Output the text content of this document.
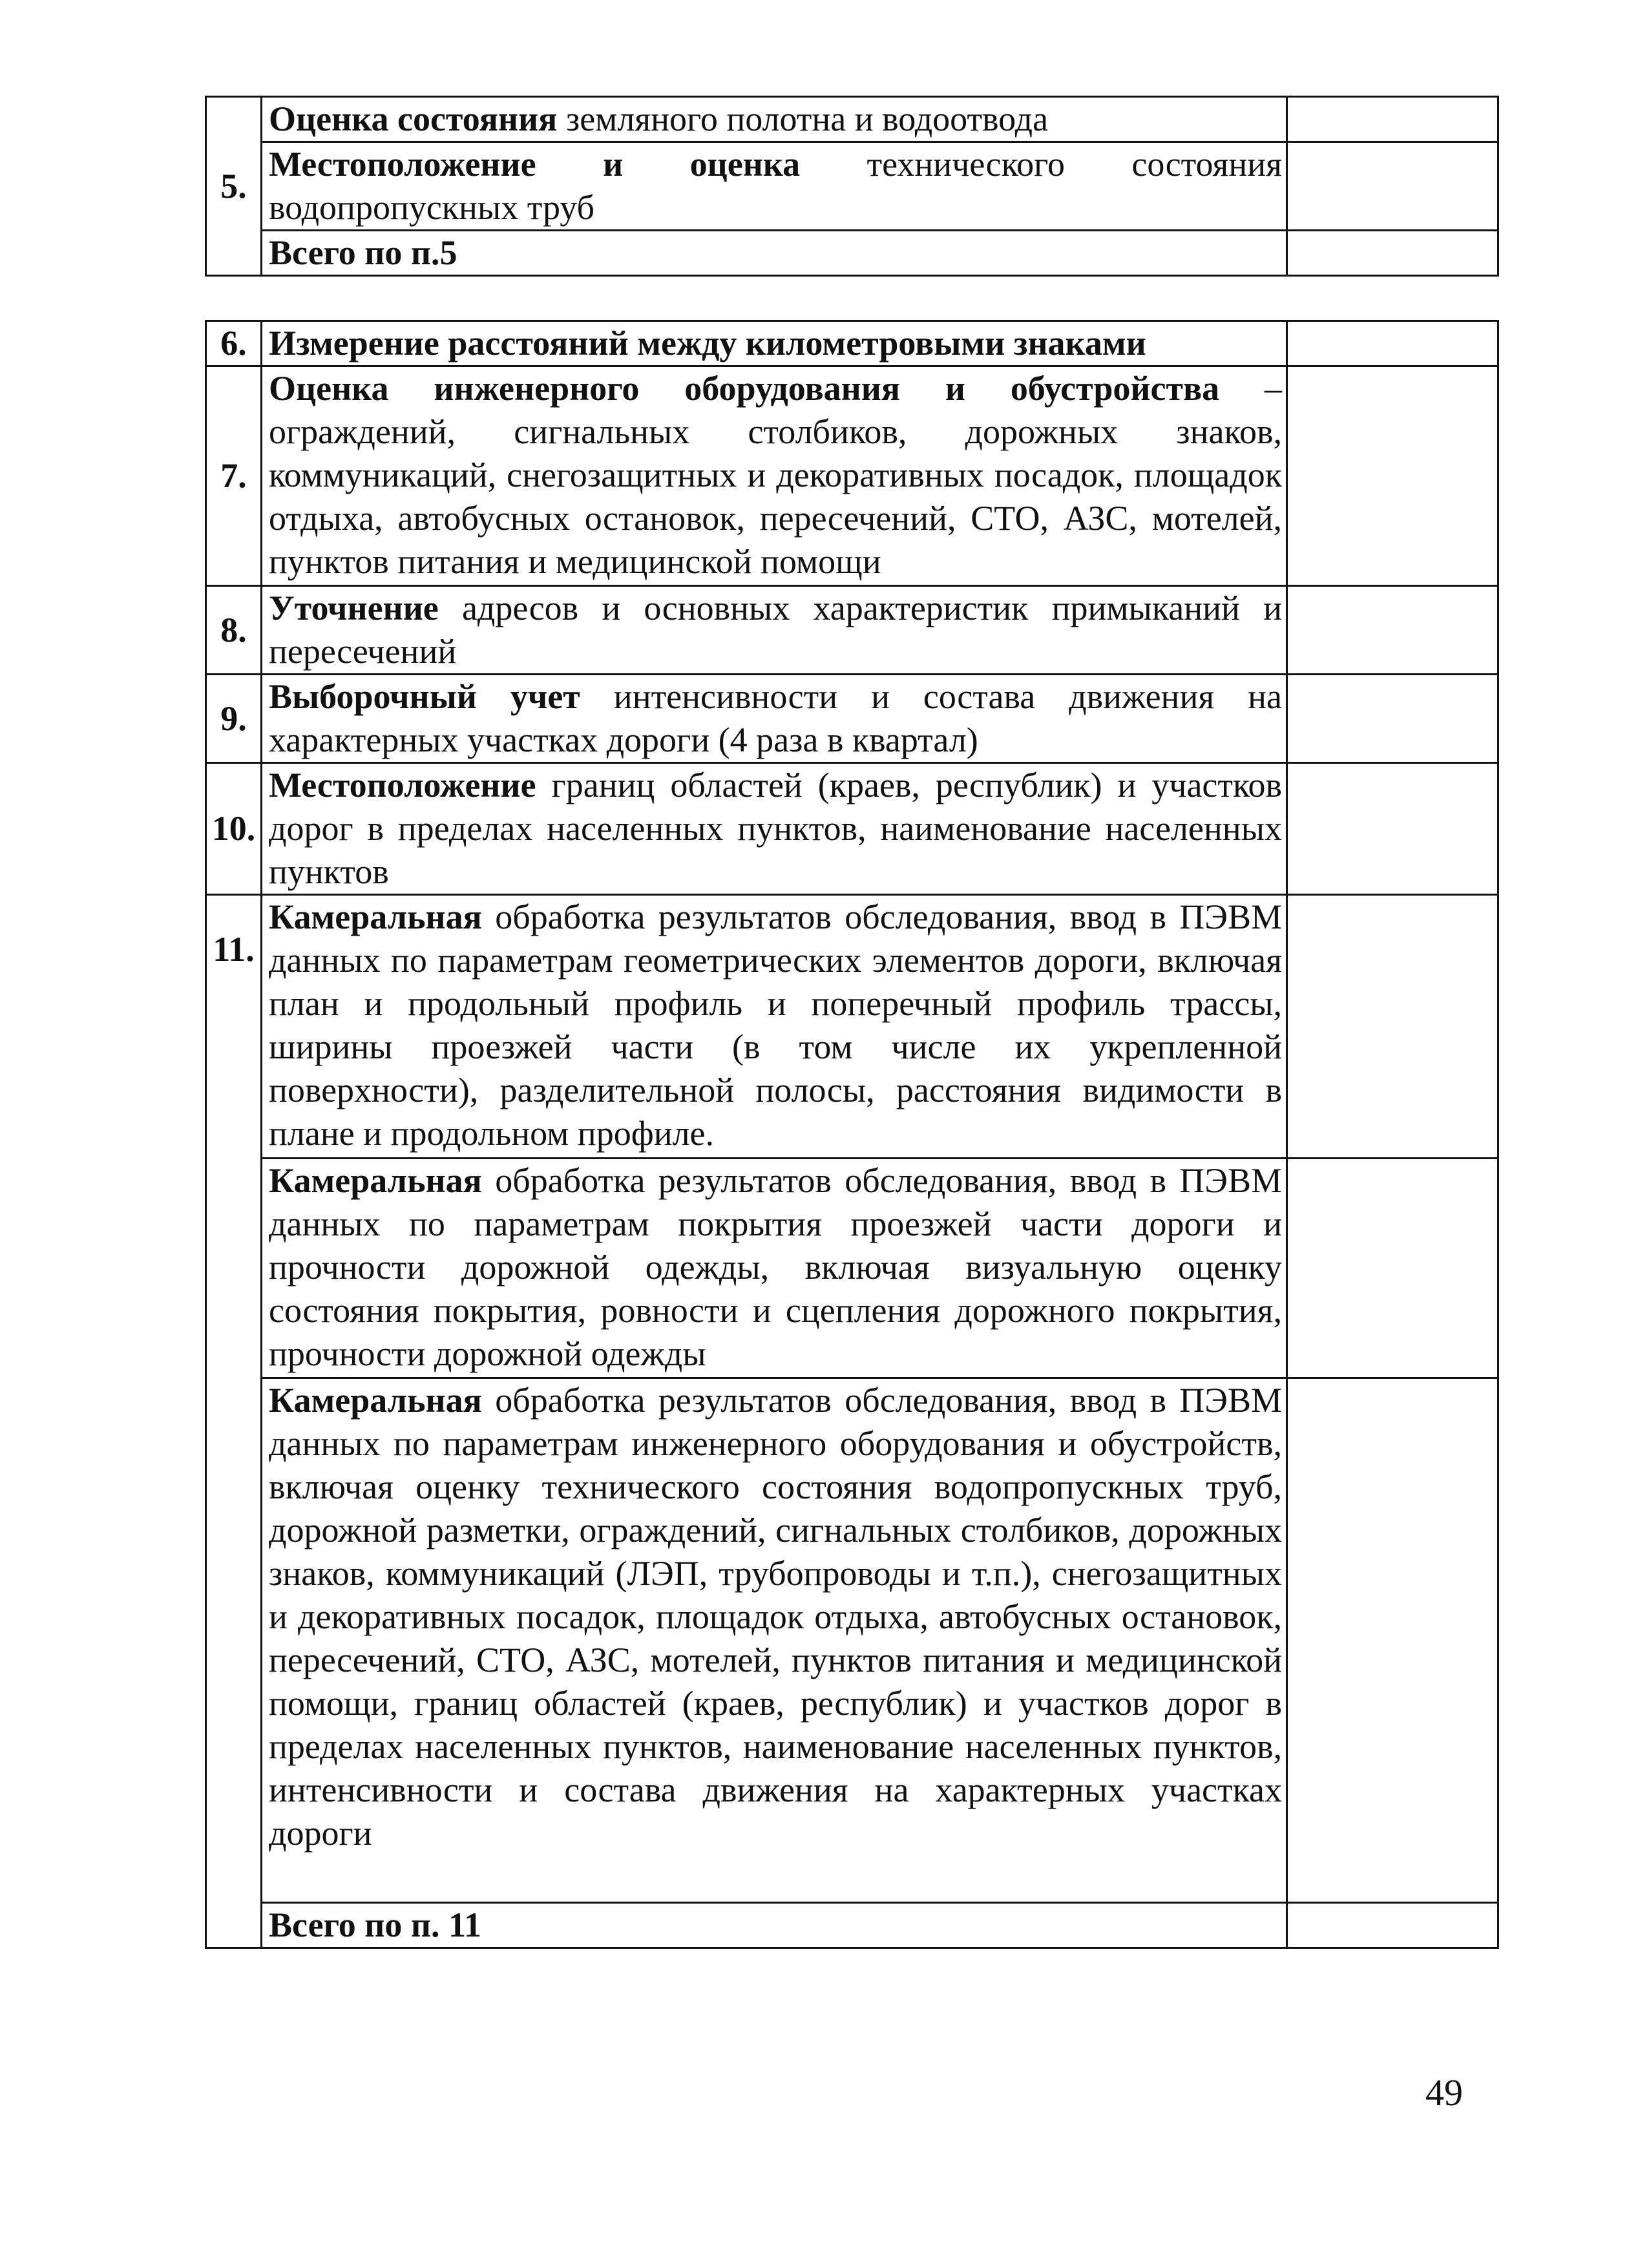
5.	Оценка состояния земляного полотна и водоотвода	
	Местоположение и оценка технического состояния водопропускных труб	
	Всего по п.5	
6.	Измерение расстояний между километровыми знаками	
7.	Оценка инженерного оборудования и обустройства –ограждений, сигнальных столбиков, дорожных знаков, коммуникаций, снегозащитных и декоративных посадок, площадок отдыха, автобусных остановок, пересечений, СТО, АЗС, мотелей, пунктов питания и медицинской помощи	
8.	Уточнение адресов и основных характеристик примыканий и пересечений	
9.	Выборочный учет интенсивности и состава движения на характерных участках дороги (4 раза в квартал)	
10.	Местоположение границ областей (краев, республик) и участков дорог в пределах населенных пунктов, наименование населенных пунктов	
11.	Камеральная обработка результатов обследования, ввод в ПЭВМ данных по параметрам геометрических элементов дороги, включая план и продольный профиль и поперечный профиль трассы, ширины проезжей части (в том числе их укрепленной поверхности), разделительной полосы, расстояния видимости в плане и продольном профиле.	
	Камеральная обработка результатов обследования, ввод в ПЭВМ данных по параметрам покрытия проезжей части дороги и прочности дорожной одежды, включая визуальную оценку состояния покрытия, ровности и сцепления дорожного покрытия, прочности дорожной одежды	
	Камеральная обработка результатов обследования, ввод в ПЭВМ данных по параметрам инженерного оборудования и обустройств, включая оценку технического состояния водопропускных труб, дорожной разметки, ограждений, сигнальных столбиков, дорожных знаков, коммуникаций (ЛЭП, трубопроводы и т.п.), снегозащитных и декоративных посадок, площадок отдыха, автобусных остановок, пересечений, СТО, АЗС, мотелей, пунктов питания и медицинской помощи, границ областей (краев, республик) и участков дорог в пределах населенных пунктов, наименование населенных пунктов, интенсивности и состава движения на характерных участках дороги	
	Всего по п. 11	
49
